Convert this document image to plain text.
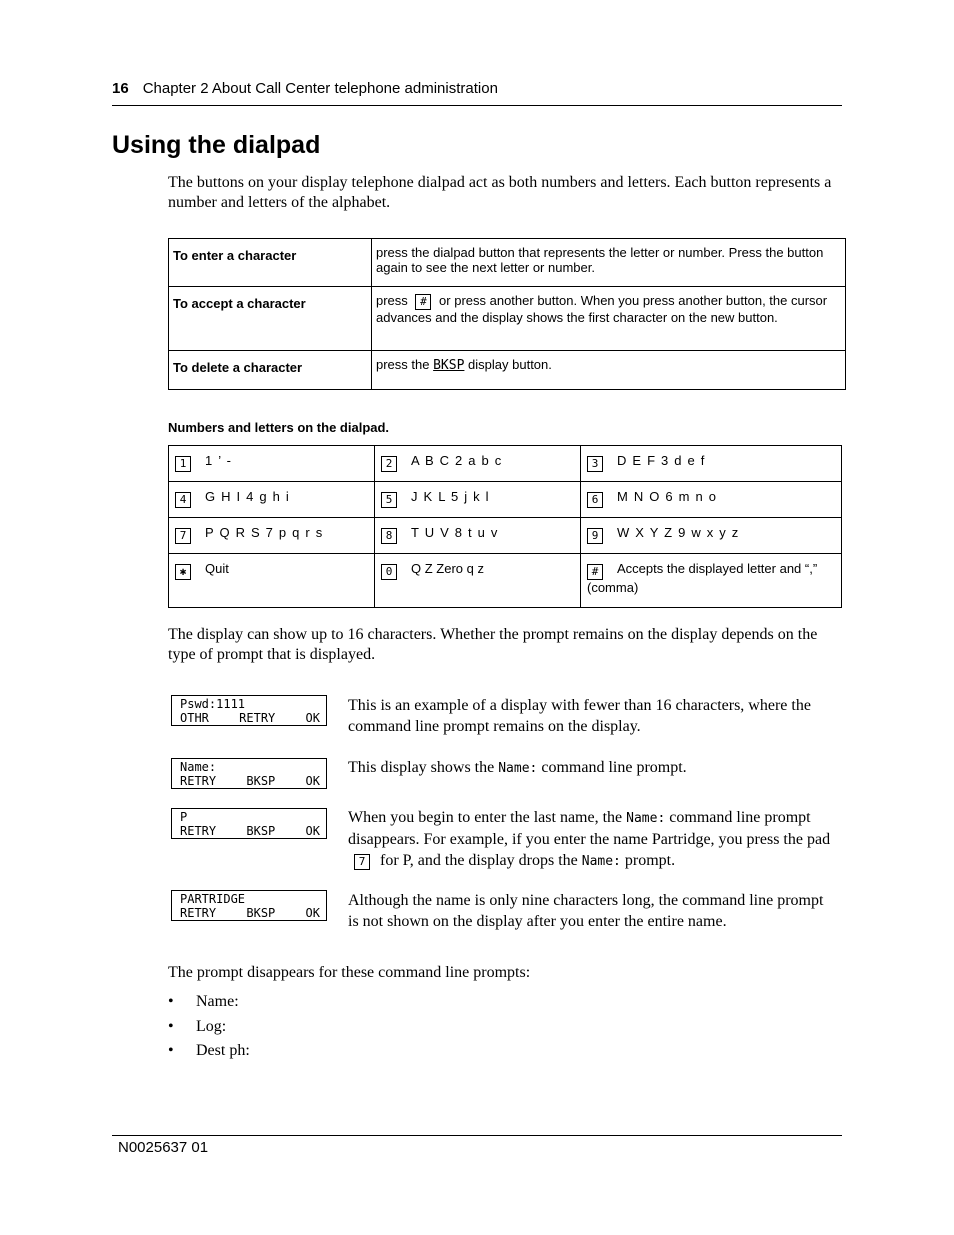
16 Chapter 2 About Call Center telephone administration
Using the dialpad

The buttons on your display telephone dialpad act as both numbers and letters. Each button represents a number and letters of the alphabet.

To enter a character	press the dialpad button that represents the letter or number. Press the button again to see the next letter or number.
To accept a character	press # or press another button. When you press another button, the cursor advances and the display shows the first character on the new button.
To delete a character	press the BKSP display button.
Numbers and letters on the dialpad.
1 1 ’ -	2 A B C 2 a b c	3 D E F 3 d e f
4 G H I 4 g h i	5 J K L 5 j k l	6 M N O 6 m n o
7 P Q R S 7 p q r s	8 T U V 8 t u v	9 W X Y Z 9 w x y z
✱ Quit	0 Q Z Zero q z	# Accepts the displayed letter and “,” (comma)

The display can show up to 16 characters. Whether the prompt remains on the display depends on the type of prompt that is displayed.

Pswd:1111
OTHR	RETRY	OK

This is an example of a display with fewer than 16 characters, where the command line prompt remains on the display.

Name:
RETRY	BKSP	OK

This display shows the Name: command line prompt.

P
RETRY	BKSP	OK

When you begin to enter the last name, the Name: command line prompt disappears. For example, if you enter the name Partridge, you press the pad 7 for P, and the display drops the Name: prompt.

PARTRIDGE
RETRY	BKSP	OK

Although the name is only nine characters long, the command line prompt is not shown on the display after you enter the entire name.

The prompt disappears for these command line prompts:

• Name:
• Log:
• Dest ph:
N0025637 01
